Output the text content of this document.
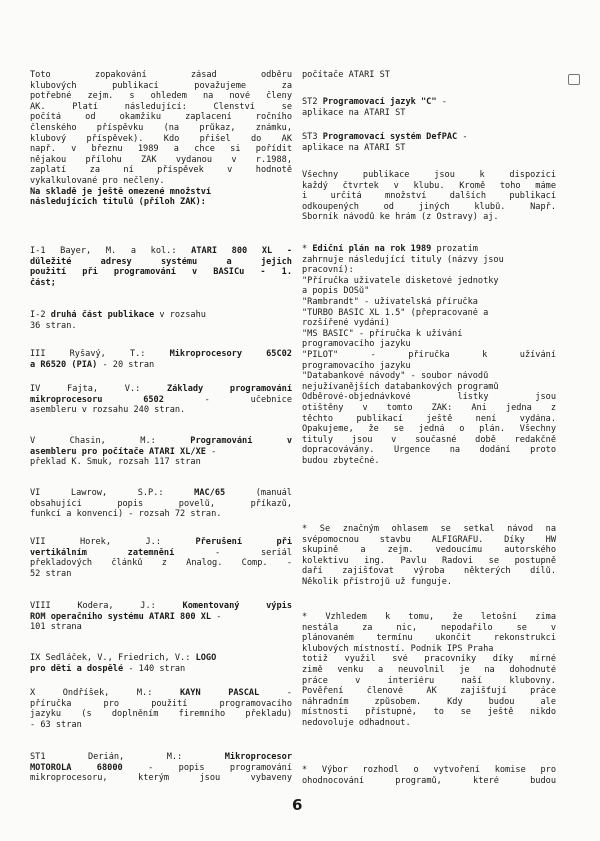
Toto zopakování zásad odběru
klubových publikací považujeme za
potřebné zejm. s ohledem na nové členy
AK. Platí následující: Členství se
počítá od okamžiku zaplacení ročního
členského příspěvku (na průkaz, známku,
klubový příspěvek). Kdo přišel do AK
např. v březnu 1989 a chce si pořídit
nějakou přílohu ZAK vydanou v r.1988,
zaplatí za ní příspěvek v hodnotě
vykalkulované pro nečleny.
Na skladě je ještě omezené množství
následujících titulů (příloh ZAK):
I-1 Bayer, M. a kol.: ATARI 800 XL -
důležité adresy systému a jejich
použití při programování v BASICu - 1.
část;
I-2 druhá část publikace v rozsahu
36 stran.
III Ryšavý, T.: Mikroprocesory 65C02
a R6520 (PIA) - 20 stran
IV Fajta, V.: Základy programování
mikroprocesoru 6502 - učebnice
asembleru v rozsahu 240 stran.
V Chasin, M.: Programování v
asembleru pro počítače ATARI XL/XE -
překlad K. Šmuk, rozsah 117 stran
VI Lawrow, S.P.: MAC/65 (manuál
obsahující popis povelů, příkazů,
funkcí a konvencí) - rozsah 72 stran.
VII Horek, J.: Přerušení při
vertikálním zatemnění - seriál
překladových článků z Analog. Comp. -
52 stran
VIII Kodera, J.: Komentovaný výpis
ROM operačního systému ATARI 800 XL -
101 strana
IX Sedláček, V., Friedrich, V.: LOGO
pro děti a dospělé - 140 stran
X Ondříšek, M.: KAYN PASCAL -
příručka pro použití programovacího
jazyku (s doplněním firemního překladu)
- 63 stran
ST1 Derián, M.: Mikroprocesor
MOTOROLA 68000 - popis programování
mikroprocesoru, kterým jsou vybaveny
počítače ATARI ST
ST2 Programovací jazyk "C" -
aplikace na ATARI ST
ST3 Programovací systém DefPAC -
aplikace na ATARI ST
Všechny publikace jsou k dispozici
každý čtvrtek v klubu. Kromě toho máme
i určitá množství dalších publikací
odkoupených od jiných klubů. Např.
Sborník návodů ke hrám (z Ostravy) aj.
* Ediční plán na rok 1989 prozatím
zahrnuje následující tituly (názvy jsou
pracovní):
"Příručka uživatele disketové jednotky
a popis DOSů"
"Rambrandt" - uživatelská příručka
"TURBO BASIC XL 1.5" (přepracované a
rozšířené vydání)
"MS BASIC" - příručka k užívání
programovacího jazyku
"PILOT" - příručka k užívání
programovacího jazyku
"Databankové návody" - soubor návodů
nejužívanějších databankových programů
Odběrové-objednávkové lístky jsou
otištěny v tomto ZAK: Ani jedna z
těchto publikací ještě není vydána.
Opakujeme, že se jedná o plán. Všechny
tituly jsou v současné době redakčně
dopracovávány. Urgence na dodání proto
budou zbytečné.
* Se značným ohlasem se setkal návod na
svépomocnou stavbu ALFIGRAFU. Díky HW
skupině a zejm. vedoucímu autorského
kolektivu ing. Pavlu Radovi se postupně
daří zajišťovat výroba některých dílů.
Několik přístrojů už funguje.
* Vzhledem k tomu, že letošní zima
nestála za nic, nepodařilo se v
plánovaném termínu ukončit rekonstrukci
klubových místností. Podnik IPS Praha
totiž využil své pracovníky díky mírné
zimě venku a neuvolnil je na dohodnuté
práce v interiéru naší klubovny.
Pověření členové AK zajišťují práce
náhradním způsobem. Kdy budou ale
místnosti přístupné, to se ještě nikdo
nedovoluje odhadnout.
* Výbor rozhodl o vytvoření komise pro
ohodnocování programů, které budou
6
